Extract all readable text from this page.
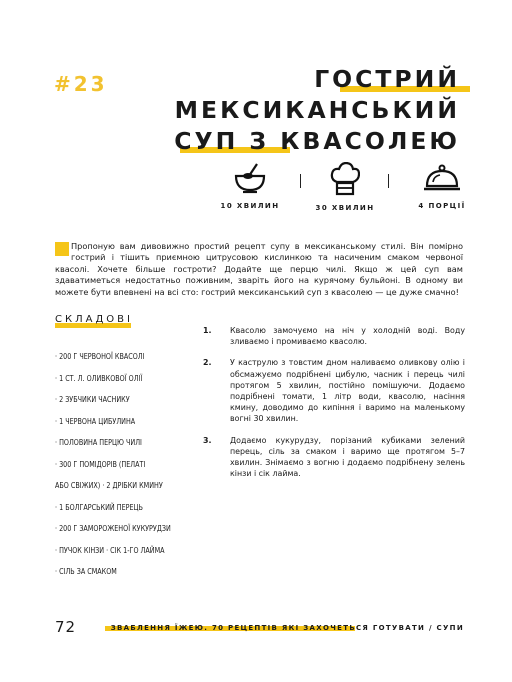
#23	ГОСТРИЙ
МЕКСИКАНСЬКИЙ
СУП З КВАСОЛЕЮ
10 ХВИЛИН	30 ХВИЛИН	4 ПОРЦІЇ
Пропоную вам дивовижно простий рецепт супу в мексиканському стилі. Він помірно гострий і тішить приємною цитрусовою кислинкою та насиченим смаком червоної квасолі. Хочете більше гостроти? Додайте ще перцю чилі. Якщо ж цей суп вам здаватиметься недостатньо поживним, зваріть його на курячому бульйоні. В одному ви можете бути впевнені на всі сто: гострий мексиканський суп з квасолею — це дуже смачно!
СКЛАДОВІ
· 200 Г ЧЕРВОНОЇ КВАСОЛІ
· 1 СТ. Л. ОЛИВКОВОЇ ОЛІЇ
· 2 ЗУБЧИКИ ЧАСНИКУ
· 1 ЧЕРВОНА ЦИБУЛИНА
· ПОЛОВИНА ПЕРЦЮ ЧИЛІ
· 300 Г ПОМІДОРІВ (ПЕЛАТІ
АБО СВІЖИХ) · 2 ДРІБКИ КМИНУ
· 1 БОЛГАРСЬКИЙ ПЕРЕЦЬ
· 200 Г ЗАМОРОЖЕНОЇ КУКУРУДЗИ
· ПУЧОК КІНЗИ · СІК 1-ГО ЛАЙМА
· СІЛЬ ЗА СМАКОМ
1. Квасолю замочуємо на ніч у холодній воді. Воду зливаємо і промиваємо квасолю.
2. У каструлю з товстим дном наливаємо оливкову олію і обсмажуємо подрібнені цибулю, часник і перець чилі протягом 5 хвилин, постійно помішуючи. Додаємо подрібнені томати, 1 літр води, квасолю, насіння кмину, доводимо до кипіння і варимо на маленькому вогні 30 хвилин.
3. Додаємо кукурудзу, порізаний кубиками зелений перець, сіль за смаком і варимо ще протягом 5–7 хвилин. Знімаємо з вогню і додаємо подрібнену зелень кінзи і сік лайма.
72	ЗВАБЛЕННЯ ЇЖЕЮ. 70 РЕЦЕПТІВ ЯКІ ЗАХОЧЕТЬСЯ ГОТУВАТИ / СУПИ
